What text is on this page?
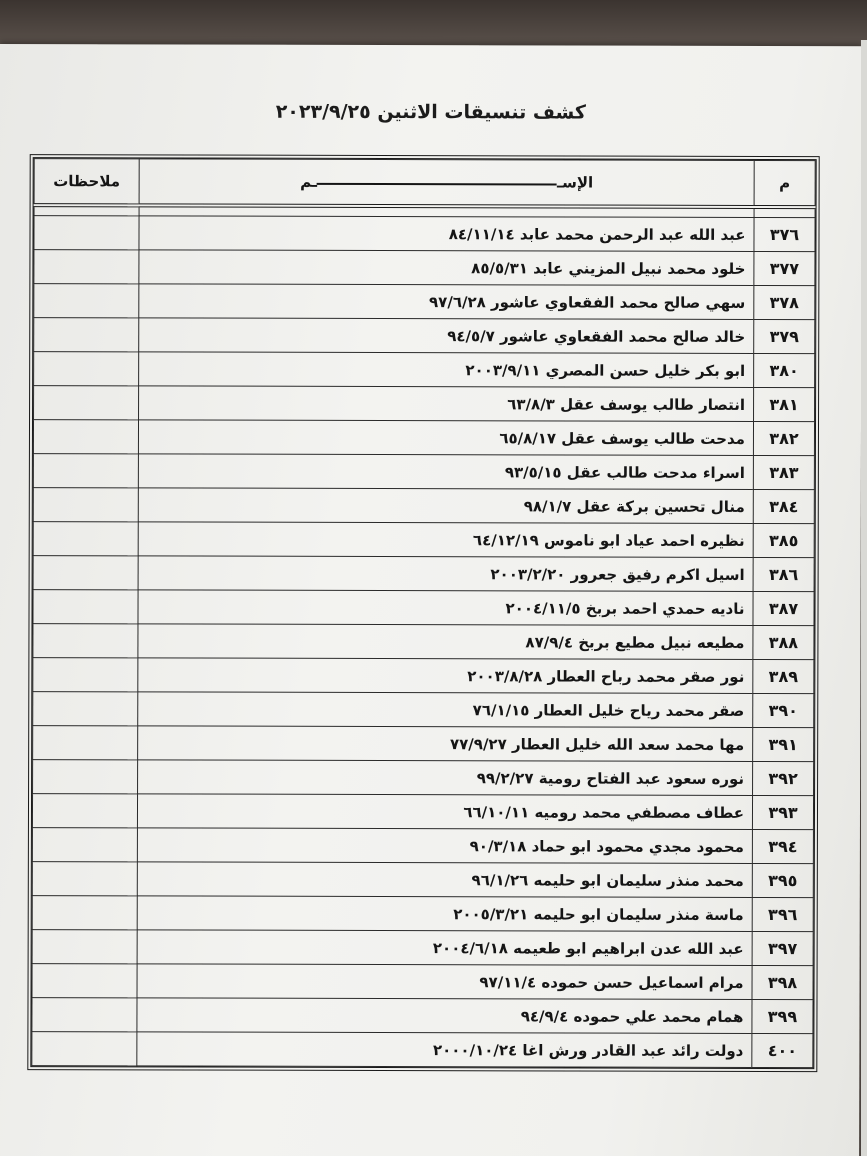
كشف تنسيقات الاثنين ٢٠٢٣/٩/٢٥
م	الإســم	ملاحظات

٣٧٦	عبد الله عبد الرحمن محمد عابد ٨٤/١١/١٤	
٣٧٧	خلود محمد نبيل المزيني عابد ٨٥/٥/٣١	
٣٧٨	سهي صالح محمد الفقعاوي عاشور ٩٧/٦/٢٨	
٣٧٩	خالد صالح محمد الفقعاوي عاشور ٩٤/٥/٧	
٣٨٠	ابو بكر خليل حسن المصري ٢٠٠٣/٩/١١	
٣٨١	انتصار طالب يوسف عقل ٦٣/٨/٣	
٣٨٢	مدحت طالب يوسف عقل ٦٥/٨/١٧	
٣٨٣	اسراء مدحت طالب عقل ٩٣/٥/١٥	
٣٨٤	منال تحسين بركة عقل ٩٨/١/٧	
٣٨٥	نظيره احمد عياد ابو ناموس ٦٤/١٢/١٩	
٣٨٦	اسيل اكرم رفيق جعرور ٢٠٠٣/٢/٢٠	
٣٨٧	ناديه حمدي احمد بربخ ٢٠٠٤/١١/٥	
٣٨٨	مطيعه نبيل مطيع بربخ ٨٧/٩/٤	
٣٨٩	نور صقر محمد رباح العطار ٢٠٠٣/٨/٢٨	
٣٩٠	صقر محمد رياح خليل العطار ٧٦/١/١٥	
٣٩١	مها محمد سعد الله خليل العطار ٧٧/٩/٢٧	
٣٩٢	نوره سعود عبد الفتاح رومية ٩٩/٢/٢٧	
٣٩٣	عطاف مصطفي محمد روميه ٦٦/١٠/١١	
٣٩٤	محمود مجدي محمود ابو حماد ٩٠/٣/١٨	
٣٩٥	محمد منذر سليمان ابو حليمه ٩٦/١/٢٦	
٣٩٦	ماسة منذر سليمان ابو حليمه ٢٠٠٥/٣/٢١	
٣٩٧	عبد الله عدن ابراهيم ابو طعيمه ٢٠٠٤/٦/١٨	
٣٩٨	مرام اسماعيل حسن حموده ٩٧/١١/٤	
٣٩٩	همام محمد علي حموده ٩٤/٩/٤	
٤٠٠	دولت رائد عبد القادر ورش اغا ٢٠٠٠/١٠/٢٤	
